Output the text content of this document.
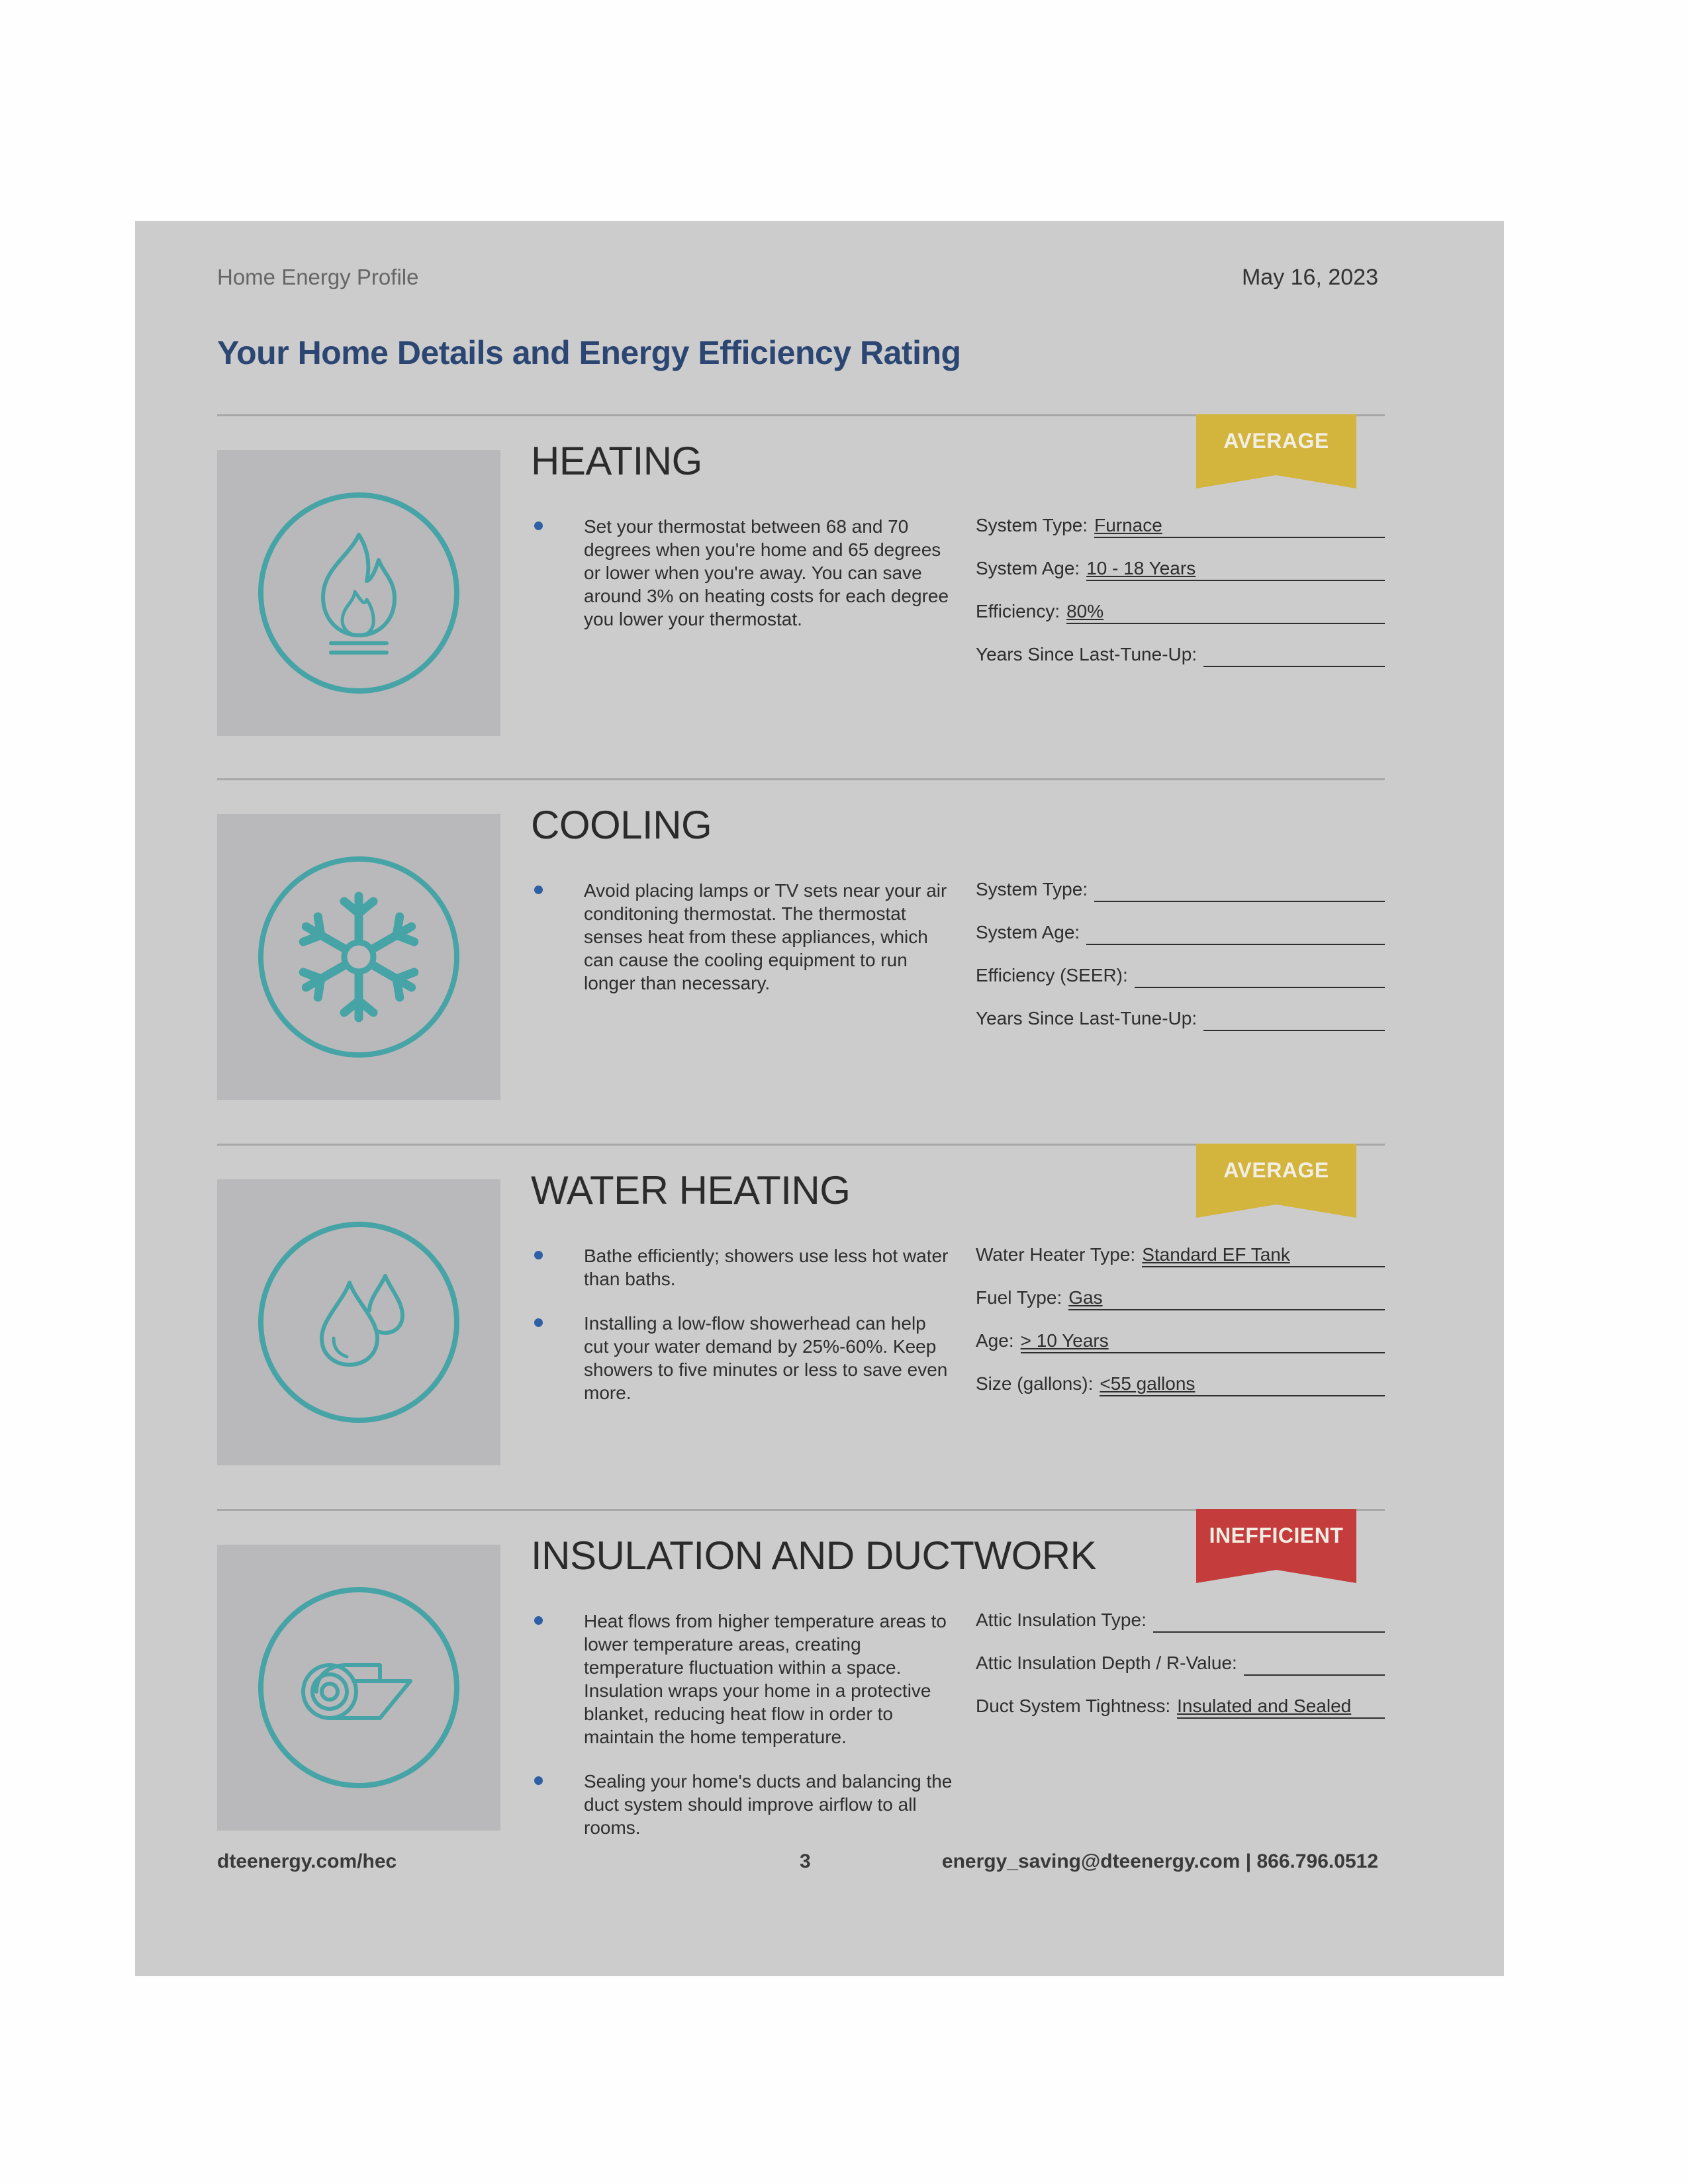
Home Energy Profile	May 16, 2023
Your Home Details and Energy Efficiency Rating
HEATING	AVERAGE
Set your thermostat between 68 and 70 degrees when you're home and 65 degrees or lower when you're away. You can save around 3% on heating costs for each degree you lower your thermostat.
System Type: Furnace
System Age: 10 - 18 Years
Efficiency: 80%
Years Since Last-Tune-Up:
COOLING
Avoid placing lamps or TV sets near your air conditoning thermostat. The thermostat senses heat from these appliances, which can cause the cooling equipment to run longer than necessary.
System Type:
System Age:
Efficiency (SEER):
Years Since Last-Tune-Up:
WATER HEATING	AVERAGE
Bathe efficiently; showers use less hot water than baths.
Installing a low-flow showerhead can help cut your water demand by 25%-60%. Keep showers to five minutes or less to save even more.
Water Heater Type: Standard EF Tank
Fuel Type: Gas
Age: > 10 Years
Size (gallons): <55 gallons
INSULATION AND DUCTWORK	INEFFICIENT
Heat flows from higher temperature areas to lower temperature areas, creating temperature fluctuation within a space. Insulation wraps your home in a protective blanket, reducing heat flow in order to maintain the home temperature.
Sealing your home's ducts and balancing the duct system should improve airflow to all rooms.
Attic Insulation Type:
Attic Insulation Depth / R-Value:
Duct System Tightness: Insulated and Sealed
dteenergy.com/hec	3	energy_saving@dteenergy.com | 866.796.0512
